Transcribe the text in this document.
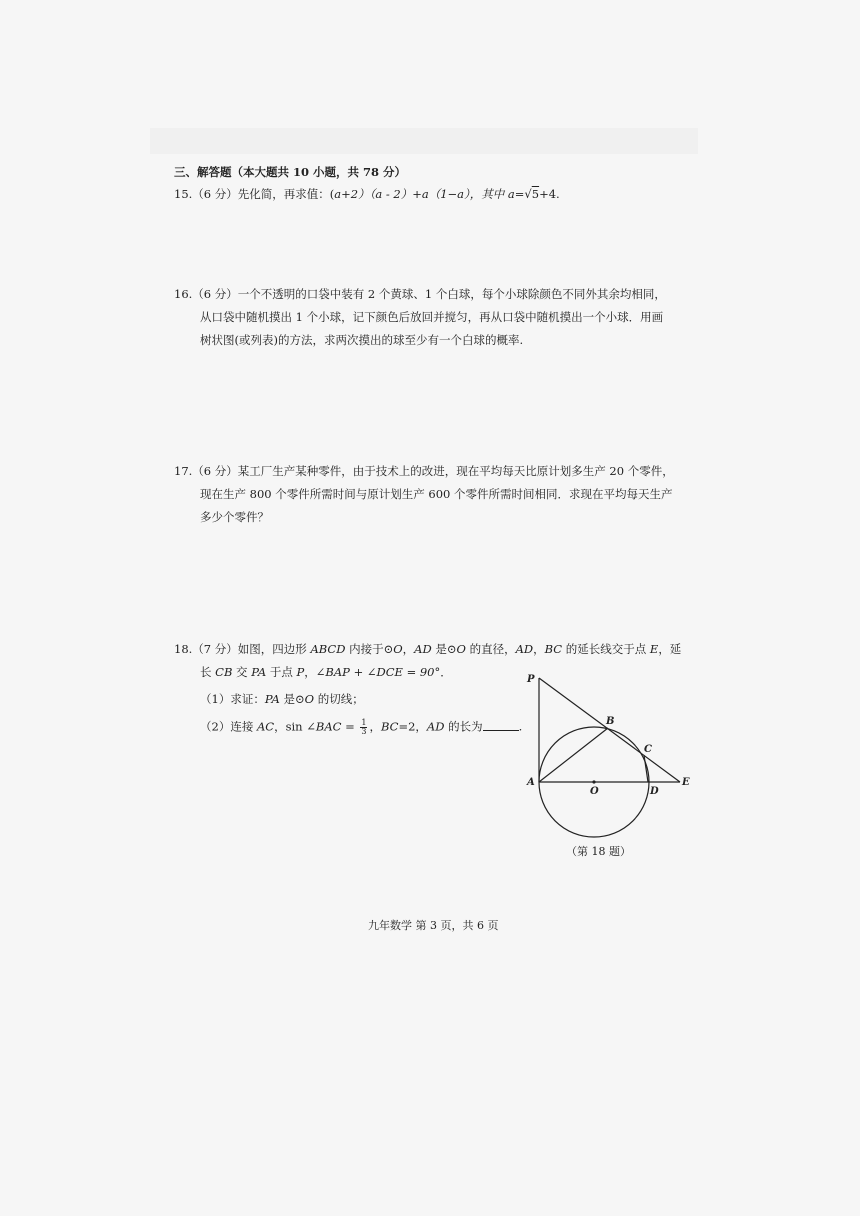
三、解答题（本大题共 10 小题，共 78 分）
15.（6 分）先化简，再求值：(a+2）（a - 2）+a（1−a），其中 a=√5+4.
16.（6 分）一个不透明的口袋中装有 2 个黄球、1 个白球，每个小球除颜色不同外其余均相同，
从口袋中随机摸出 1 个小球，记下颜色后放回并搅匀，再从口袋中随机摸出一个小球．用画
树状图(或列表)的方法，求两次摸出的球至少有一个白球的概率.
17.（6 分）某工厂生产某种零件，由于技术上的改进，现在平均每天比原计划多生产 20 个零件，
现在生产 800 个零件所需时间与原计划生产 600 个零件所需时间相同．求现在平均每天生产
多少个零件？
18.（7 分）如图，四边形 ABCD 内接于⊙O，AD 是⊙O 的直径，AD，BC 的延长线交于点 E，延
长 CB 交 PA 于点 P，∠BAP + ∠DCE = 90°．
（1）求证：PA 是⊙O 的切线；
（2）连接 AC，sin ∠BAC = $\frac{1}{3}$ ，BC=2，AD 的长为	.
P
B
C
A
O	D
E
（第 18 题）
九年数学 第 3 页，共 6 页
